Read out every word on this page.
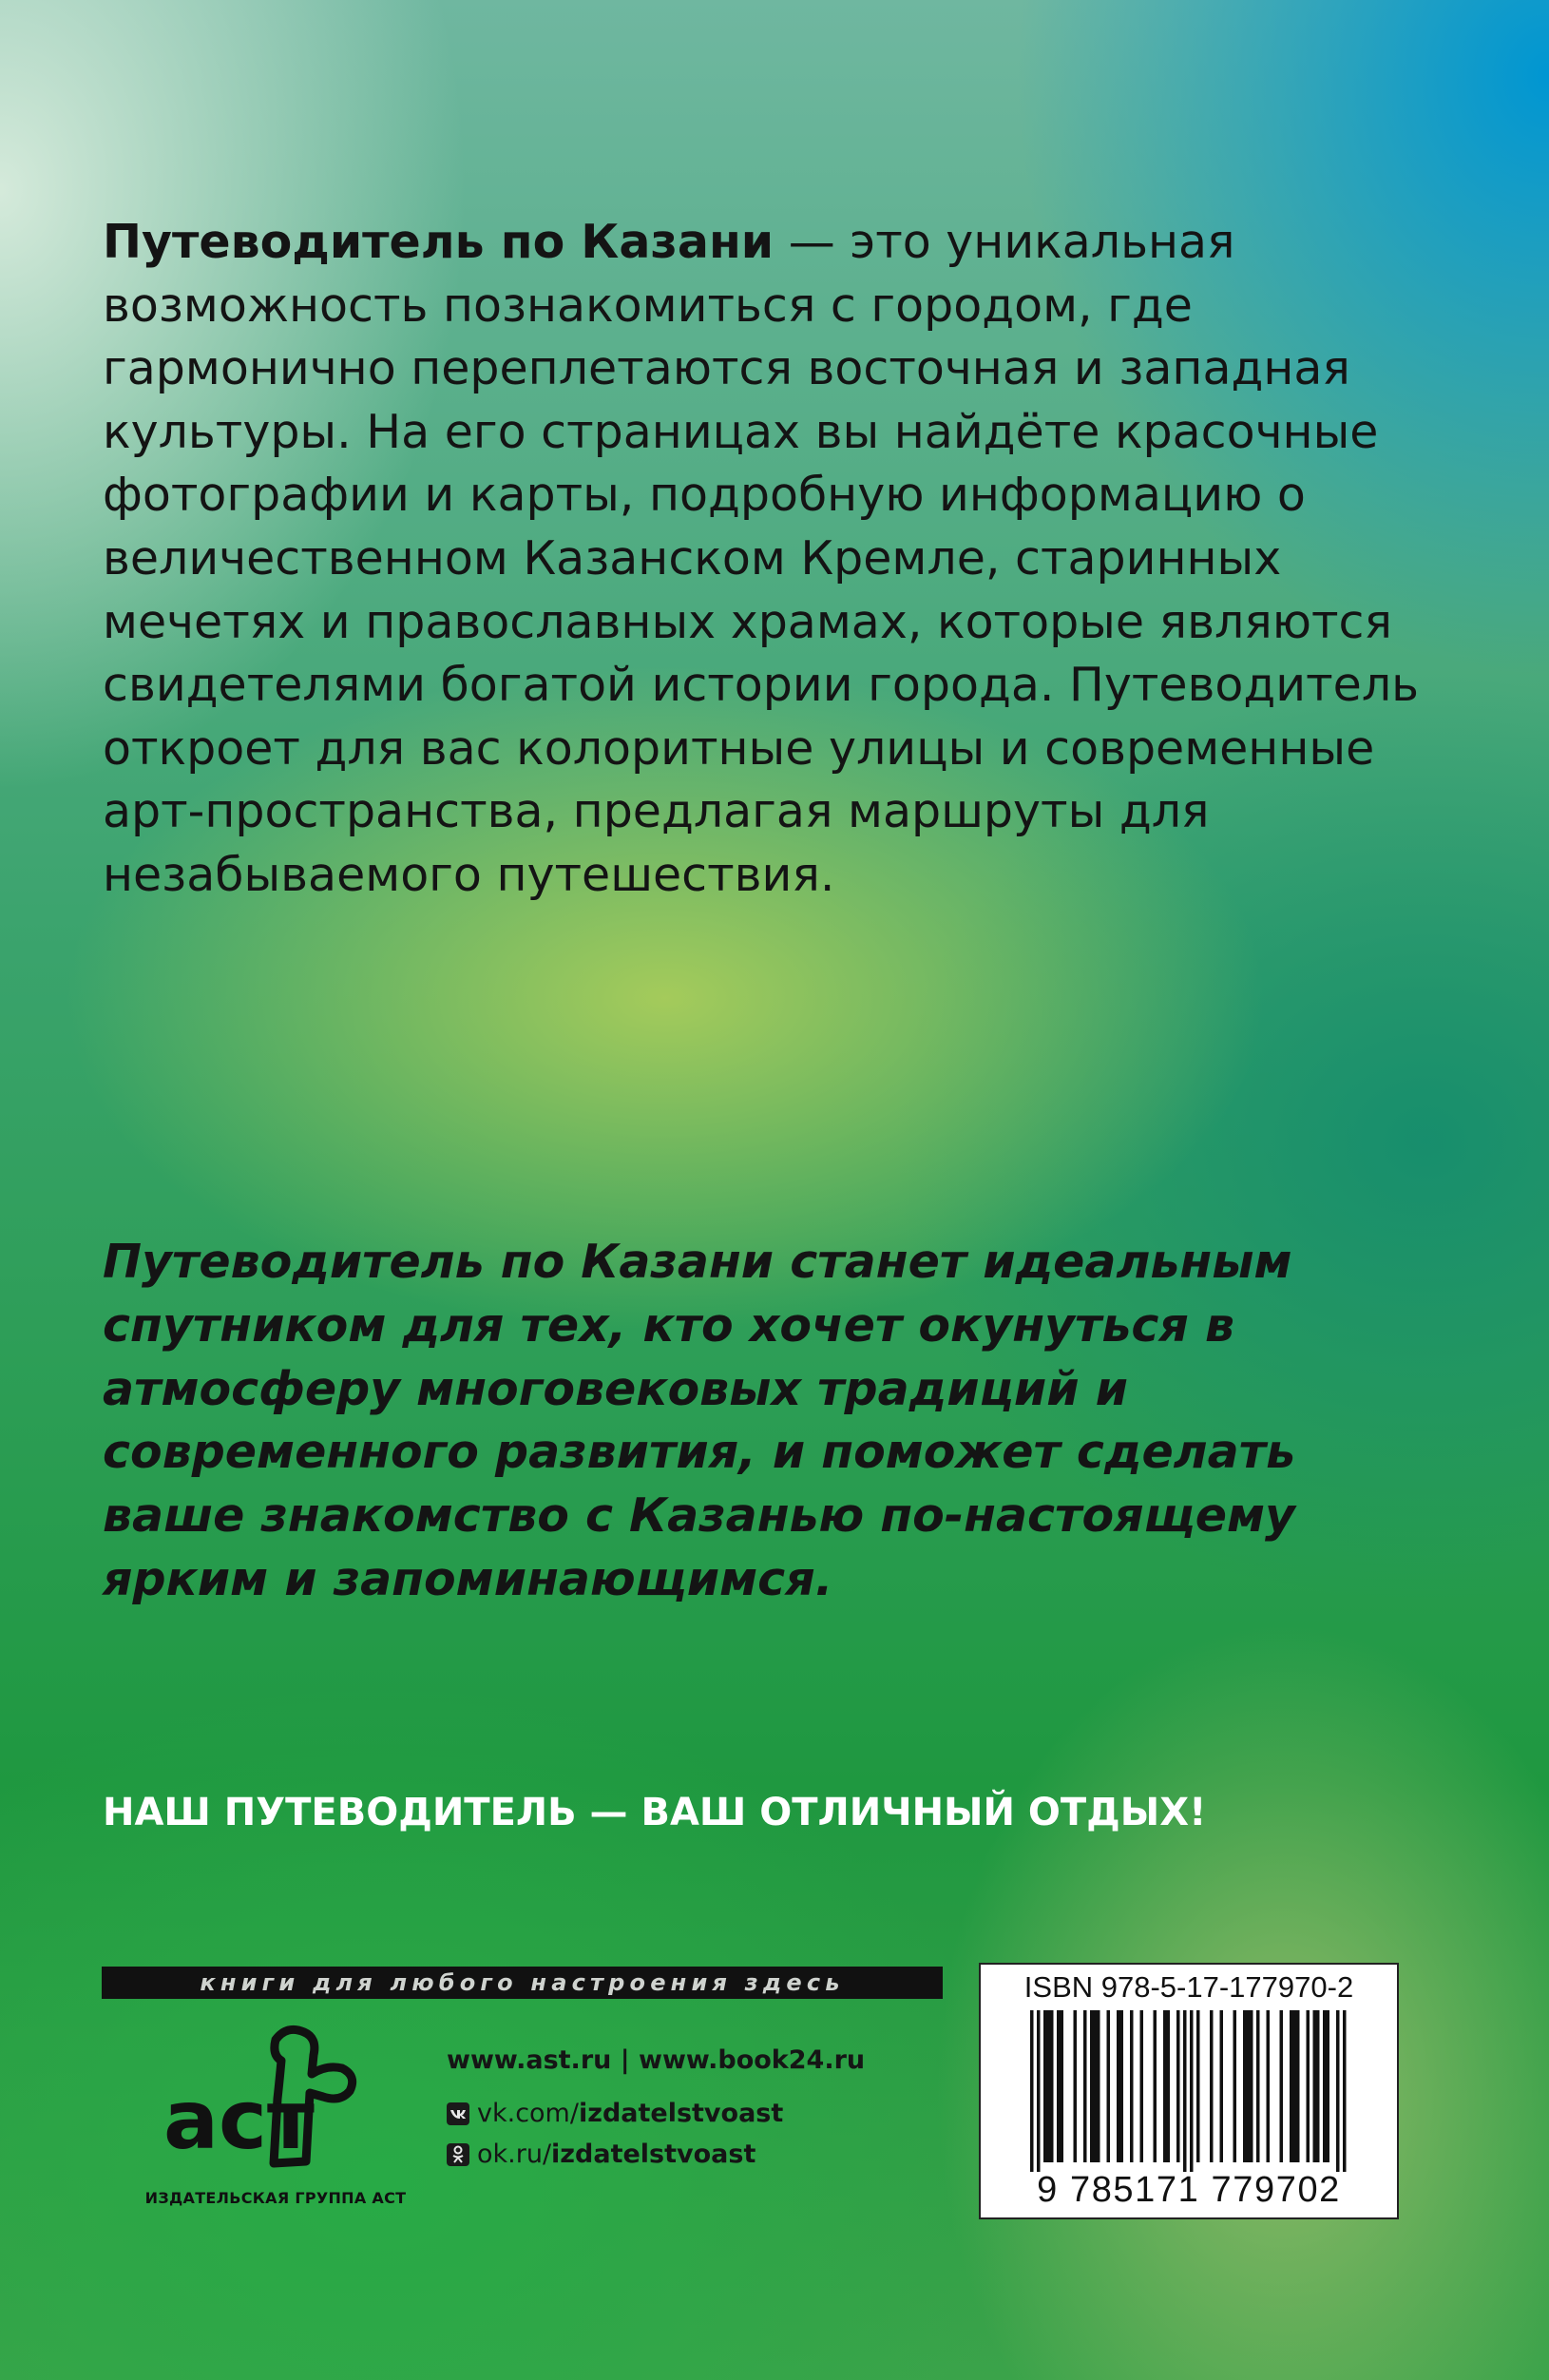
Путеводитель по Казани — это уникальная возможность познакомиться с городом, где гармонично переплетаются восточная и западная культуры. На его страницах вы найдёте красочные фотографии и карты, подробную информацию о величественном Казанском Кремле, старинных мечетях и православных храмах, которые являются свидетелями богатой истории города. Путеводитель откроет для вас колоритные улицы и современные арт-пространства, предлагая маршруты для незабываемого путешествия.

Путеводитель по Казани станет идеальным спутником для тех, кто хочет окунуться в атмосферу многовековых традиций и современного развития, и поможет сделать ваше знакомство с Казанью по-настоящему ярким и запоминающимся.

НАШ ПУТЕВОДИТЕЛЬ — ВАШ ОТЛИЧНЫЙ ОТДЫХ!

книги для любого настроения здесь
аст
ИЗДАТЕЛЬСКАЯ ГРУППА АСТ
www.ast.ru | www.book24.ru
vk.com/izdatelstvoast
ok.ru/izdatelstvoast
ISBN 978-5-17-177970-2
9 785171 779702
